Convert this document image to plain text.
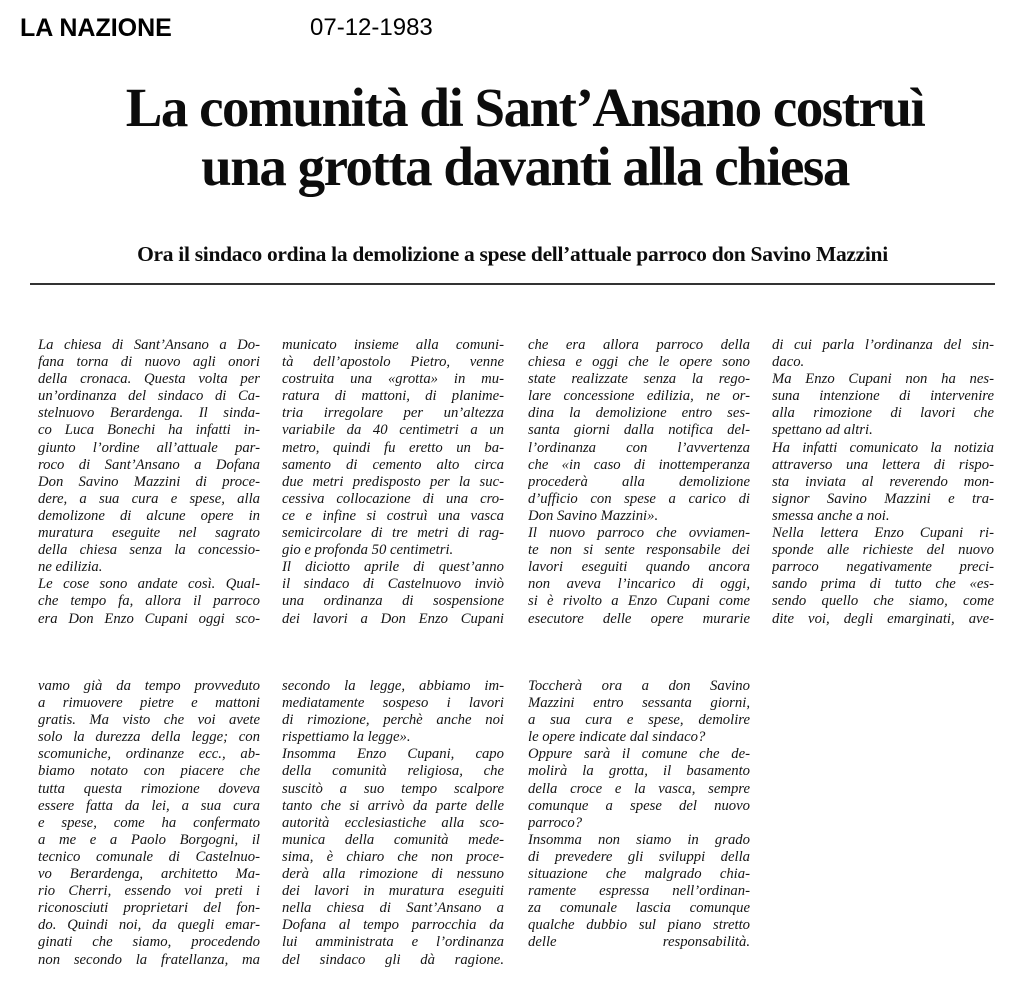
LA NAZIONE	07-12-1983
La comunità di Sant’Ansano costruì
una grotta davanti alla chiesa
Ora il sindaco ordina la demolizione a spese dell’attuale parroco don Savino Mazzini
La chiesa di Sant’Ansano a Do-
fana torna di nuovo agli onori
della cronaca. Questa volta per
un’ordinanza del sindaco di Ca-
stelnuovo Berardenga. Il sinda-
co Luca Bonechi ha infatti in-
giunto l’ordine all’attuale par-
roco di Sant’Ansano a Dofana
Don Savino Mazzini di proce-
dere, a sua cura e spese, alla
demolizone di alcune opere in
muratura eseguite nel sagrato
della chiesa senza la concessio-
ne edilizia.
Le cose sono andate così. Qual-
che tempo fa, allora il parroco
era Don Enzo Cupani oggi sco-
municato insieme alla comuni-
tà dell’apostolo Pietro, venne
costruita una «grotta» in mu-
ratura di mattoni, di planime-
tria irregolare per un’altezza
variabile da 40 centimetri a un
metro, quindi fu eretto un ba-
samento di cemento alto circa
due metri predisposto per la suc-
cessiva collocazione di una cro-
ce e infine si costruì una vasca
semicircolare di tre metri di rag-
gio e profonda 50 centimetri.
Il diciotto aprile di quest’anno
il sindaco di Castelnuovo inviò
una ordinanza di sospensione
dei lavori a Don Enzo Cupani
che era allora parroco della
chiesa e oggi che le opere sono
state realizzate senza la rego-
lare concessione edilizia, ne or-
dina la demolizione entro ses-
santa giorni dalla notifica del-
l’ordinanza con l’avvertenza
che «in caso di inottemperanza
procederà alla demolizione
d’ufficio con spese a carico di
Don Savino Mazzini».
Il nuovo parroco che ovviamen-
te non si sente responsabile dei
lavori eseguiti quando ancora
non aveva l’incarico di oggi,
si è rivolto a Enzo Cupani come
esecutore delle opere murarie
di cui parla l’ordinanza del sin-
daco.
Ma Enzo Cupani non ha nes-
suna intenzione di intervenire
alla rimozione di lavori che
spettano ad altri.
Ha infatti comunicato la notizia
attraverso una lettera di rispo-
sta inviata al reverendo mon-
signor Savino Mazzini e tra-
smessa anche a noi.
Nella lettera Enzo Cupani ri-
sponde alle richieste del nuovo
parroco negativamente preci-
sando prima di tutto che «es-
sendo quello che siamo, come
dite voi, degli emarginati, ave-
vamo già da tempo provveduto
a rimuovere pietre e mattoni
gratis. Ma visto che voi avete
solo la durezza della legge; con
scomuniche, ordinanze ecc., ab-
biamo notato con piacere che
tutta questa rimozione doveva
essere fatta da lei, a sua cura
e spese, come ha confermato
a me e a Paolo Borgogni, il
tecnico comunale di Castelnuo-
vo Berardenga, architetto Ma-
rio Cherri, essendo voi preti i
riconosciuti proprietari del fon-
do. Quindi noi, da quegli emar-
ginati che siamo, procedendo
non secondo la fratellanza, ma
secondo la legge, abbiamo im-
mediatamente sospeso i lavori
di rimozione, perchè anche noi
rispettiamo la legge».
Insomma Enzo Cupani, capo
della comunità religiosa, che
suscitò a suo tempo scalpore
tanto che si arrivò da parte delle
autorità ecclesiastiche alla sco-
munica della comunità mede-
sima, è chiaro che non proce-
derà alla rimozione di nessuno
dei lavori in muratura eseguiti
nella chiesa di Sant’Ansano a
Dofana al tempo parrocchia da
lui amministrata e l’ordinanza
del sindaco gli dà ragione.
Toccherà ora a don Savino
Mazzini entro sessanta giorni,
a sua cura e spese, demolire
le opere indicate dal sindaco?
Oppure sarà il comune che de-
molirà la grotta, il basamento
della croce e la vasca, sempre
comunque a spese del nuovo
parroco?
Insomma non siamo in grado
di prevedere gli sviluppi della
situazione che malgrado chia-
ramente espressa nell’ordinan-
za comunale lascia comunque
qualche dubbio sul piano stretto
delle responsabilità.
